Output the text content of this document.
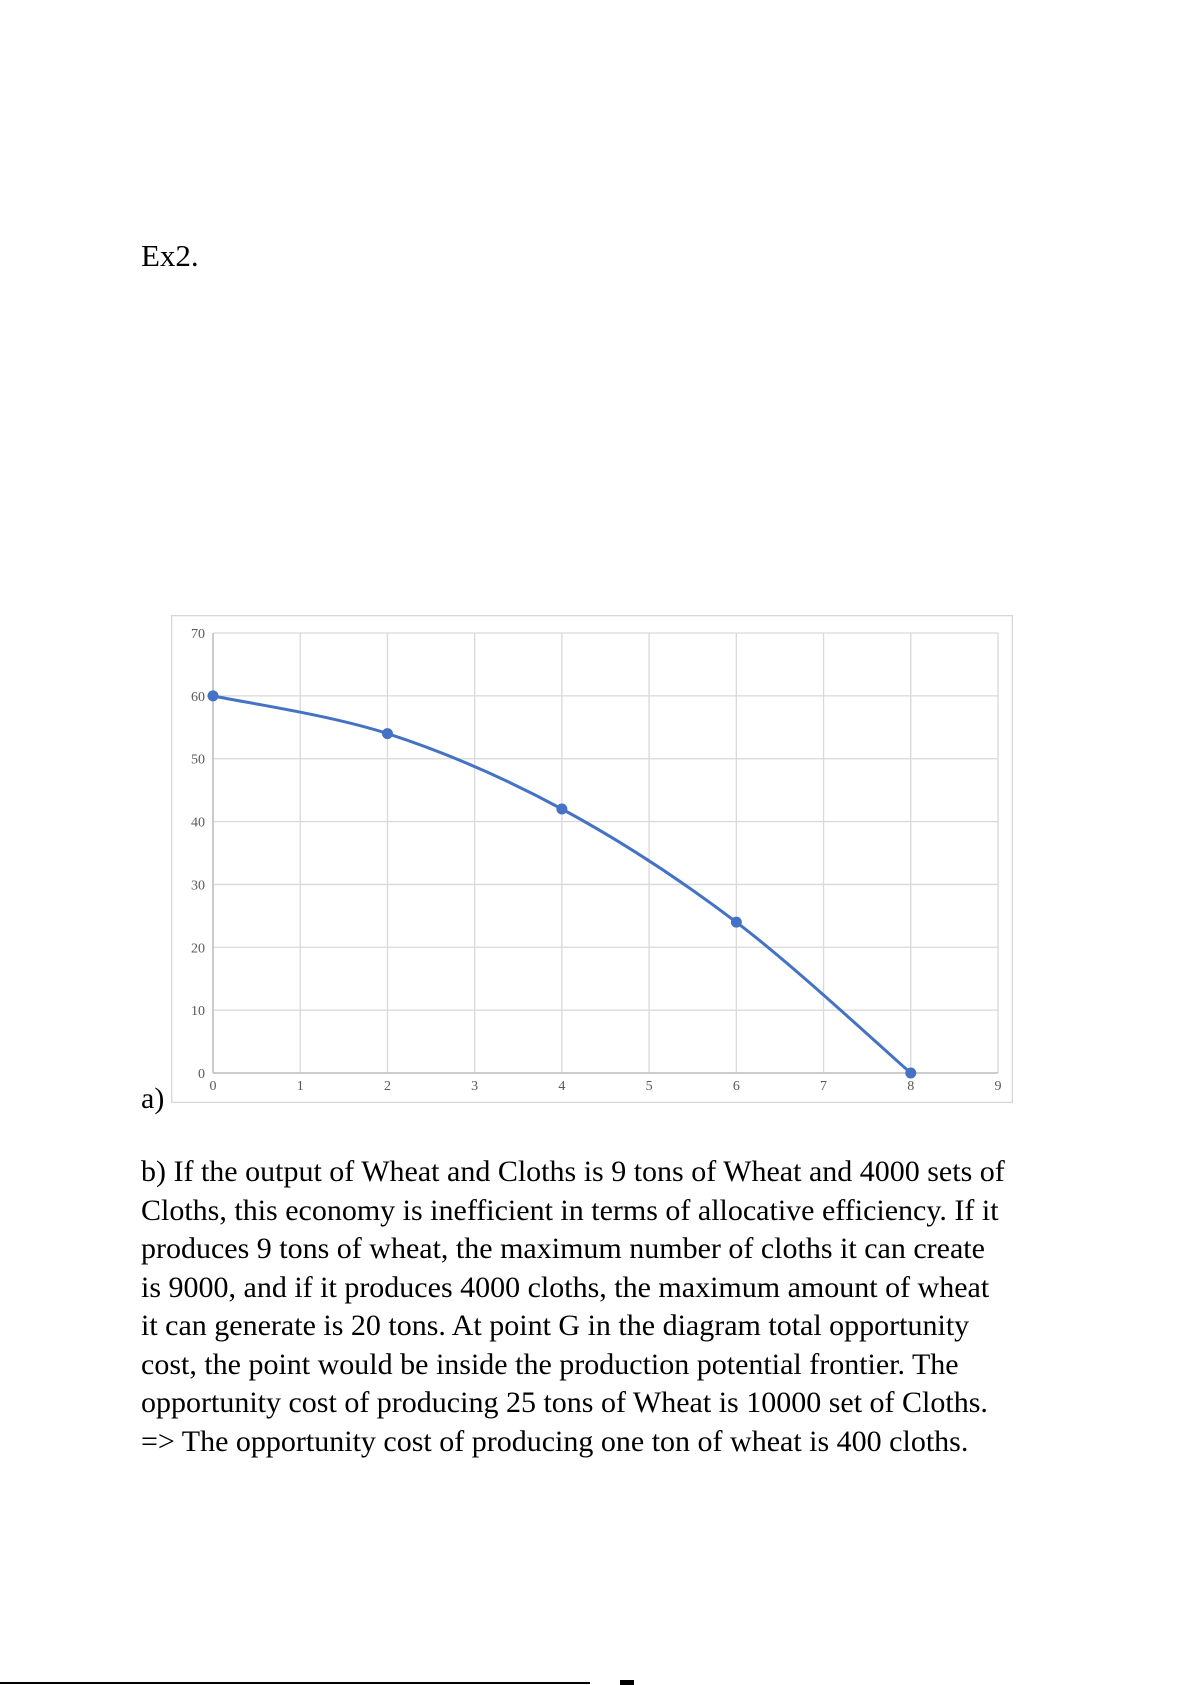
Ex2.
0
10
20
30
40
50
60
70
0	1	2	3	4	5	6	7	8	9
a)
b) If the output of Wheat and Cloths is 9 tons of Wheat and 4000 sets of
Cloths, this economy is inefficient in terms of allocative efficiency. If it
produces 9 tons of wheat, the maximum number of cloths it can create
is 9000, and if it produces 4000 cloths, the maximum amount of wheat
it can generate is 20 tons. At point G in the diagram total opportunity
cost, the point would be inside the production potential frontier. The
opportunity cost of producing 25 tons of Wheat is 10000 set of Cloths.
=> The opportunity cost of producing one ton of wheat is 400 cloths.
